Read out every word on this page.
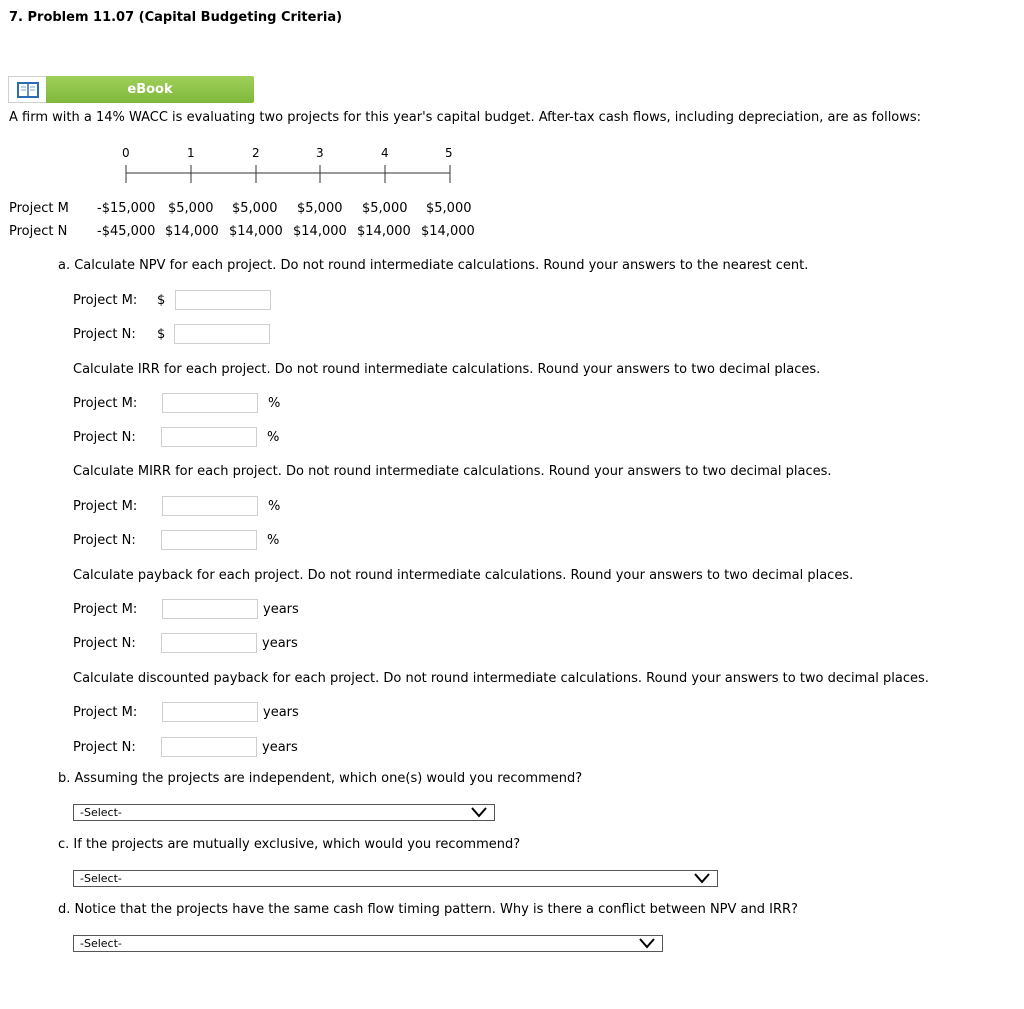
7. Problem 11.07 (Capital Budgeting Criteria)
eBook
A firm with a 14% WACC is evaluating two projects for this year's capital budget. After-tax cash flows, including depreciation, are as follows:
0	1	2	3	4	5
Project M -$15,000 $5,000 $5,000 $5,000 $5,000 $5,000
Project N -$45,000 $14,000 $14,000 $14,000 $14,000 $14,000
a. Calculate NPV for each project. Do not round intermediate calculations. Round your answers to the nearest cent.
Project M: $
Project N: $
Calculate IRR for each project. Do not round intermediate calculations. Round your answers to two decimal places.
Project M:	%
Project N:	%
Calculate MIRR for each project. Do not round intermediate calculations. Round your answers to two decimal places.
Project M:	%
Project N:	%
Calculate payback for each project. Do not round intermediate calculations. Round your answers to two decimal places.
Project M:	years
Project N:	years
Calculate discounted payback for each project. Do not round intermediate calculations. Round your answers to two decimal places.
Project M:	years
Project N:	years
b. Assuming the projects are independent, which one(s) would you recommend?
-Select-
c. If the projects are mutually exclusive, which would you recommend?
-Select-
d. Notice that the projects have the same cash flow timing pattern. Why is there a conflict between NPV and IRR?
-Select-
